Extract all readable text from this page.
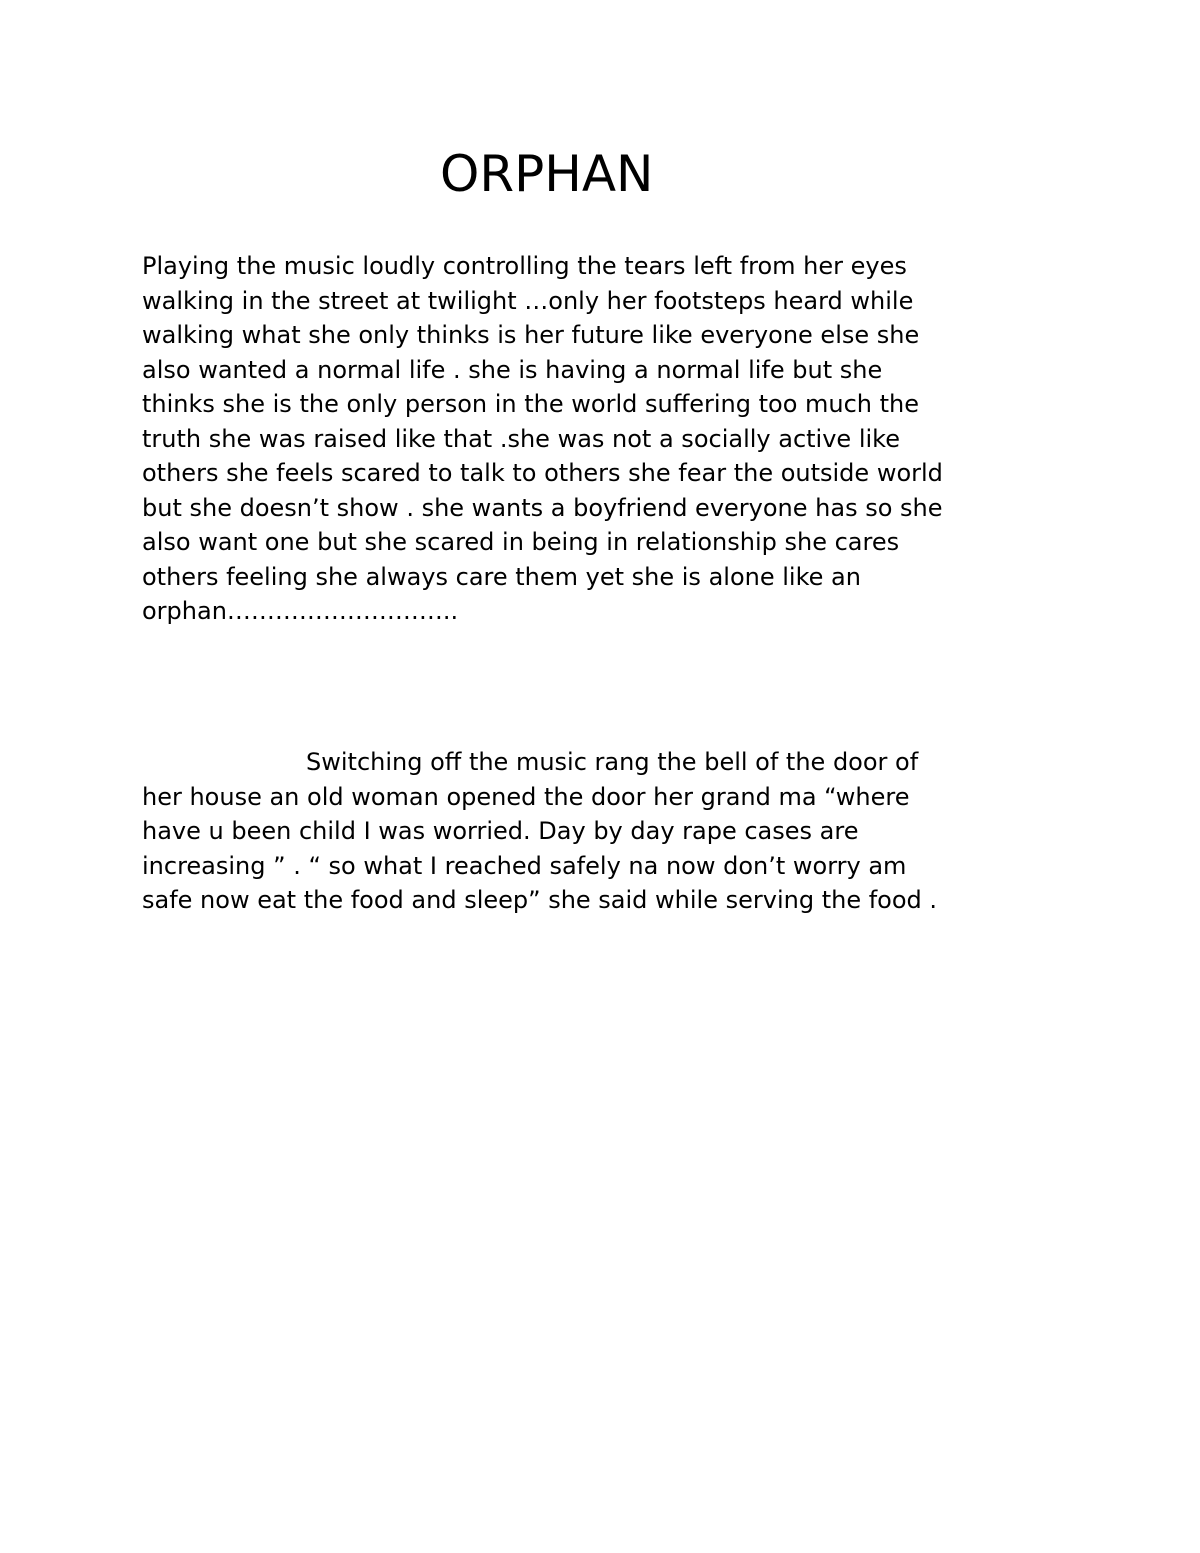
ORPHAN

Playing the music loudly controlling the tears left from her eyes
walking in the street at twilight …only her footsteps heard while
walking what she only thinks is her future like everyone else she
also wanted a normal life . she is having a normal life but she
thinks she is the only person in the world suffering too much the
truth she was raised like that .she was not a socially active like
others she feels scared to talk to others she fear the outside world
but she doesn’t show . she wants a boyfriend everyone has so she
also want one but she scared in being in relationship she cares
others feeling she always care them yet she is alone like an
orphan………………………..

Switching off the music rang the bell of the door of
her house an old woman opened the door her grand ma “where
have u been child I was worried. Day by day rape cases are
increasing ” . “ so what I reached safely na now don’t worry am
safe now eat the food and sleep” she said while serving the food .
